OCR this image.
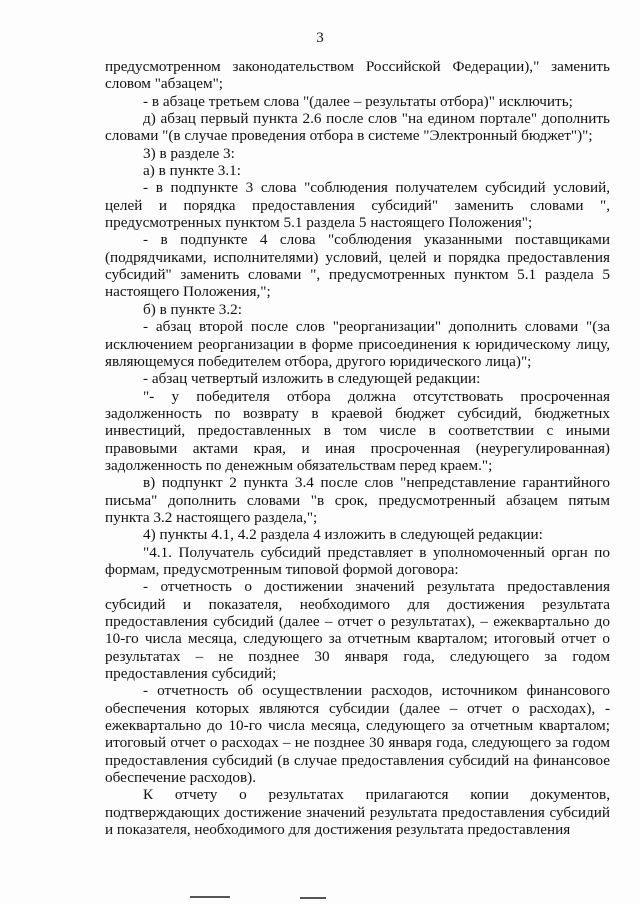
3

предусмотренном законодательством Российской Федерации)," заменить словом "абзацем";

- в абзаце третьем слова "(далее – результаты отбора)" исключить;

д) абзац первый пункта 2.6 после слов "на едином портале" дополнить словами "(в случае проведения отбора в системе "Электронный бюджет")";

3) в разделе 3:

а) в пункте 3.1:

- в подпункте 3 слова "соблюдения получателем субсидий условий, целей и порядка предоставления субсидий" заменить словами ", предусмотренных пунктом 5.1 раздела 5 настоящего Положения";

- в подпункте 4 слова "соблюдения указанными поставщиками (подрядчиками, исполнителями) условий, целей и порядка предоставления субсидий" заменить словами ", предусмотренных пунктом 5.1 раздела 5 настоящего Положения,";

б) в пункте 3.2:

- абзац второй после слов "реорганизации" дополнить словами "(за исключением реорганизации в форме присоединения к юридическому лицу, являющемуся победителем отбора, другого юридического лица)";

- абзац четвертый изложить в следующей редакции:

"- у победителя отбора должна отсутствовать просроченная задолженность по возврату в краевой бюджет субсидий, бюджетных инвестиций, предоставленных в том числе в соответствии с иными правовыми актами края, и иная просроченная (неурегулированная) задолженность по денежным обязательствам перед краем.";

в) подпункт 2 пункта 3.4 после слов "непредставление гарантийного письма" дополнить словами "в срок, предусмотренный абзацем пятым пункта 3.2 настоящего раздела,";

4) пункты 4.1, 4.2 раздела 4 изложить в следующей редакции:

"4.1. Получатель субсидий представляет в уполномоченный орган по формам, предусмотренным типовой формой договора:

- отчетность о достижении значений результата предоставления субсидий и показателя, необходимого для достижения результата предоставления субсидий (далее – отчет о результатах), – ежеквартально до 10-го числа месяца, следующего за отчетным кварталом; итоговый отчет о результатах – не позднее 30 января года, следующего за годом предоставления субсидий;

- отчетность об осуществлении расходов, источником финансового обеспечения которых являются субсидии (далее – отчет о расходах), - ежеквартально до 10-го числа месяца, следующего за отчетным кварталом; итоговый отчет о расходах – не позднее 30 января года, следующего за годом предоставления субсидий (в случае предоставления субсидий на финансовое обеспечение расходов).

К отчету о результатах прилагаются копии документов, подтверждающих достижение значений результата предоставления субсидий и показателя, необходимого для достижения результата предоставления
